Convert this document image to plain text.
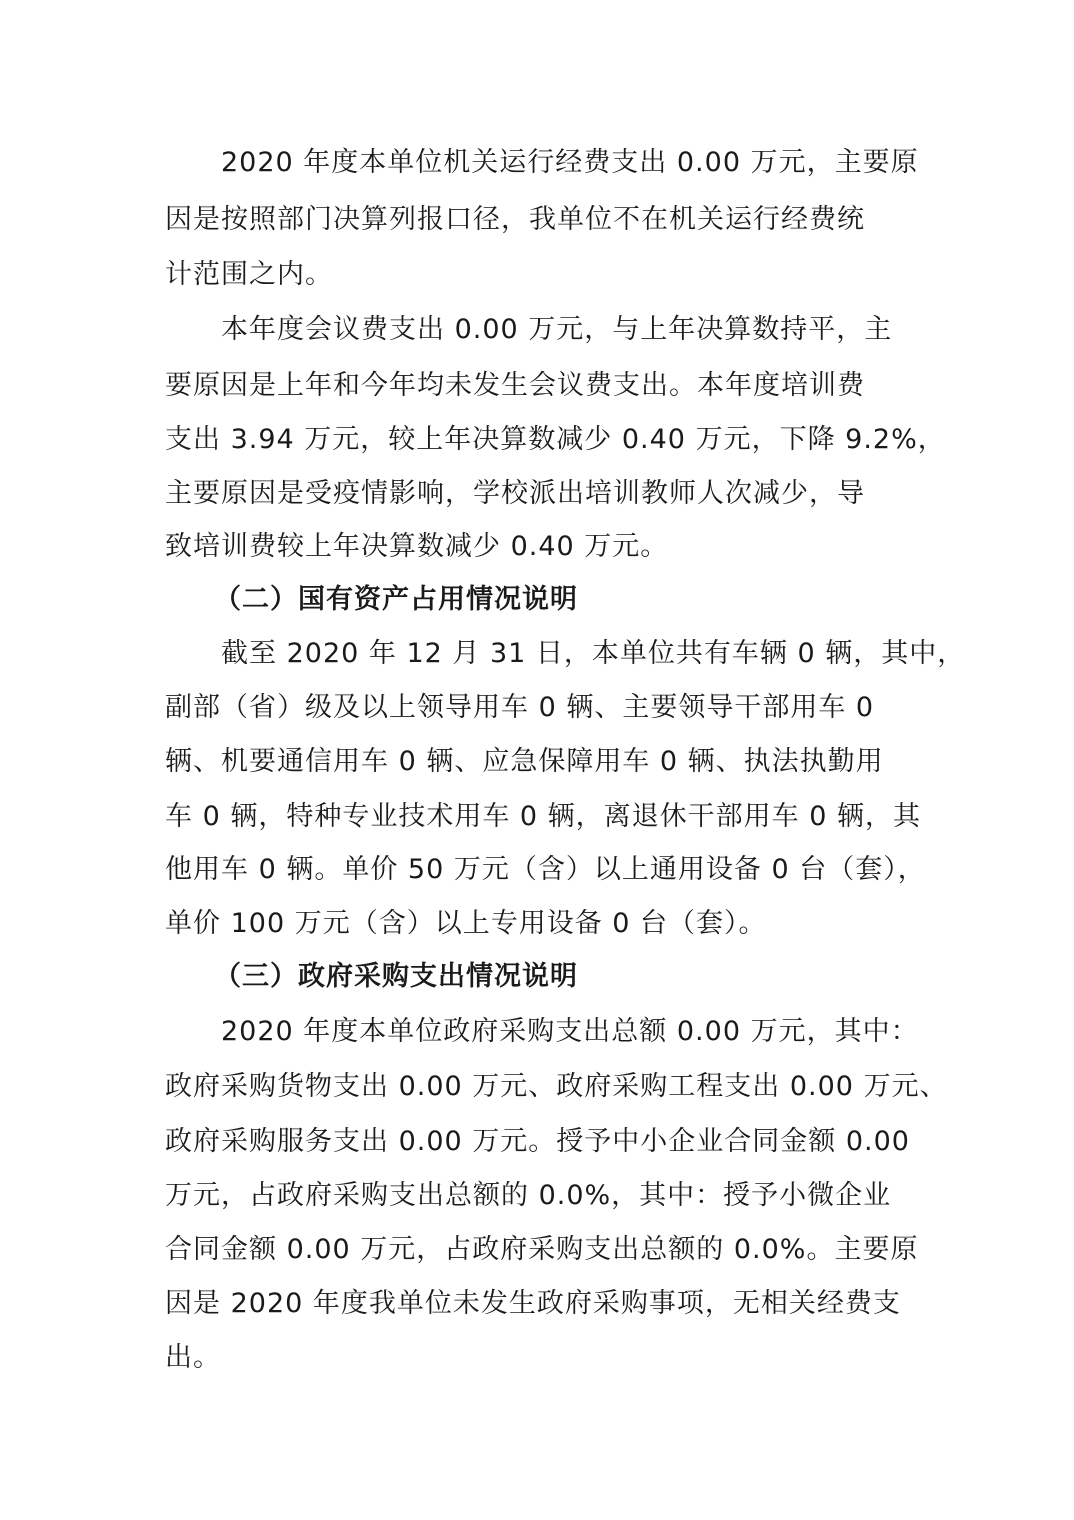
2020 年度本单位机关运行经费支出 0.00 万元，主要原
因是按照部门决算列报口径，我单位不在机关运行经费统
计范围之内。
本年度会议费支出 0.00 万元，与上年决算数持平，主
要原因是上年和今年均未发生会议费支出。本年度培训费
支出 3.94 万元，较上年决算数减少 0.40 万元，下降 9.2%，
主要原因是受疫情影响，学校派出培训教师人次减少，导
致培训费较上年决算数减少 0.40 万元。
（二）国有资产占用情况说明
截至 2020 年 12 月 31 日，本单位共有车辆 0 辆，其中，
副部（省）级及以上领导用车 0 辆、主要领导干部用车 0
辆、机要通信用车 0 辆、应急保障用车 0 辆、执法执勤用
车 0 辆，特种专业技术用车 0 辆，离退休干部用车 0 辆，其
他用车 0 辆。单价 50 万元（含）以上通用设备 0 台（套），
单价 100 万元（含）以上专用设备 0 台（套）。
（三）政府采购支出情况说明
2020 年度本单位政府采购支出总额 0.00 万元，其中：
政府采购货物支出 0.00 万元、政府采购工程支出 0.00 万元、
政府采购服务支出 0.00 万元。授予中小企业合同金额 0.00
万元，占政府采购支出总额的 0.0%，其中：授予小微企业
合同金额 0.00 万元，占政府采购支出总额的 0.0%。主要原
因是 2020 年度我单位未发生政府采购事项，无相关经费支
出。
